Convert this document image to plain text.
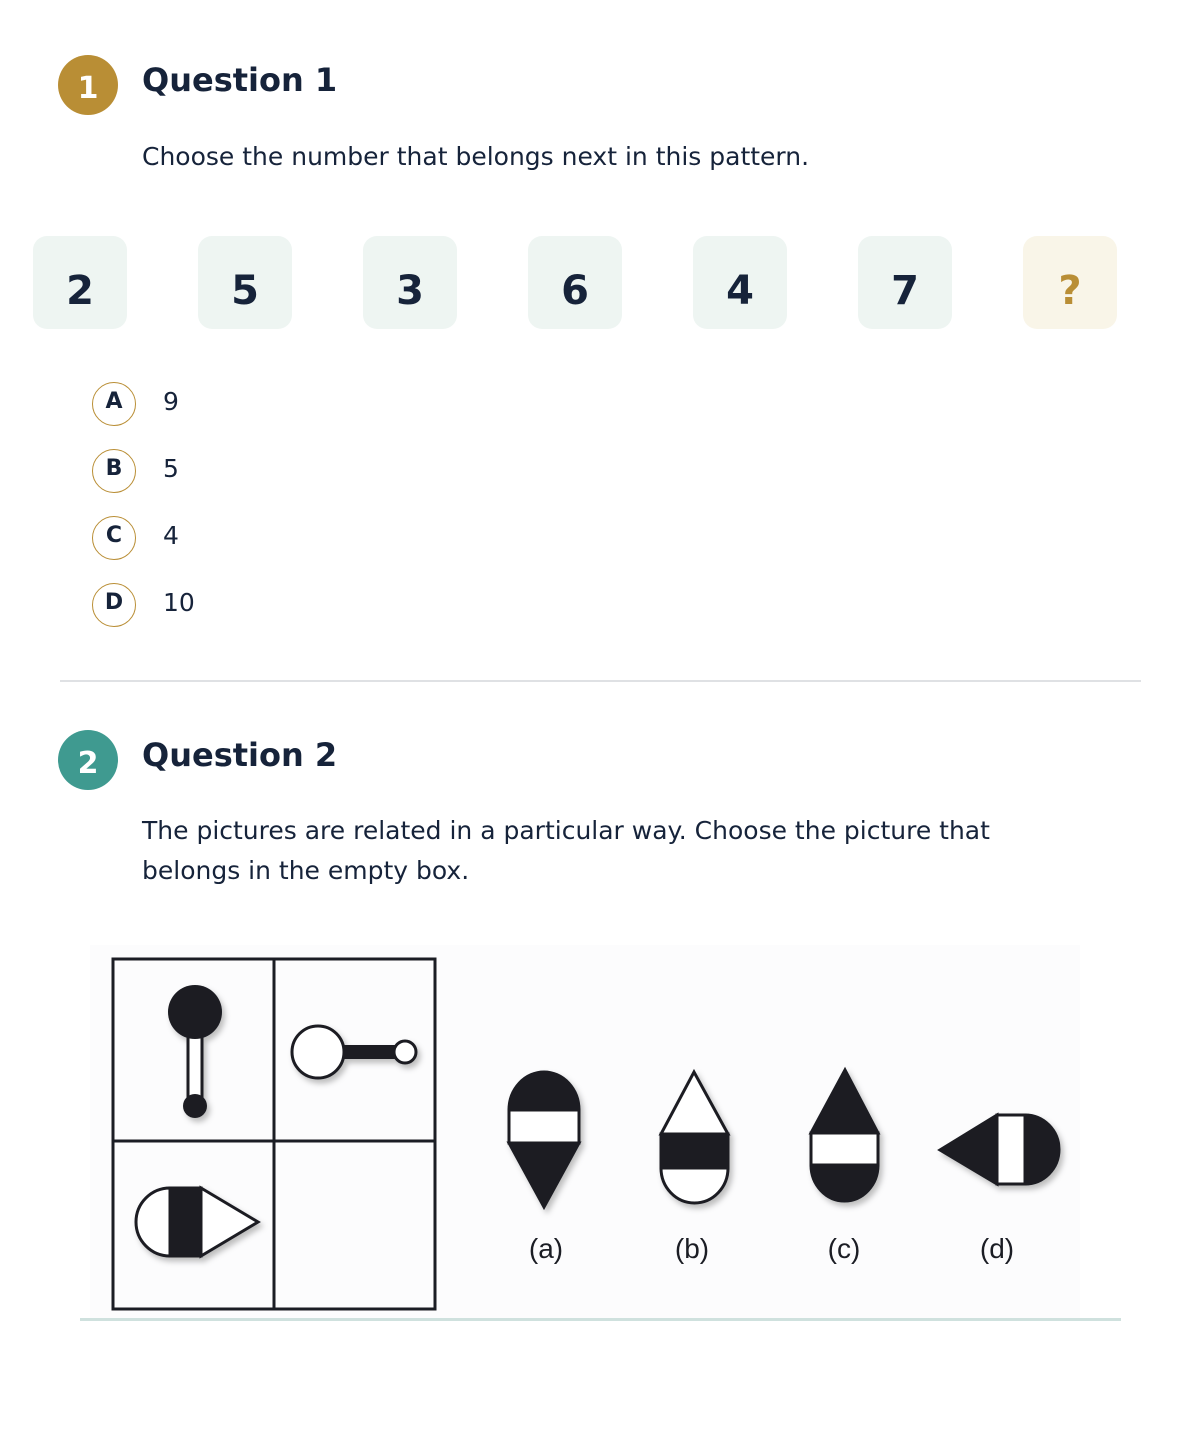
1 Question 1

Choose the number that belongs next in this pattern.

2	5	3	6	4	7	?
A 9
B 5
C 4
D 10
2 Question 2

The pictures are related in a particular way. Choose the picture that

belongs in the empty box.

(a)	(b)	(c)	(d)
